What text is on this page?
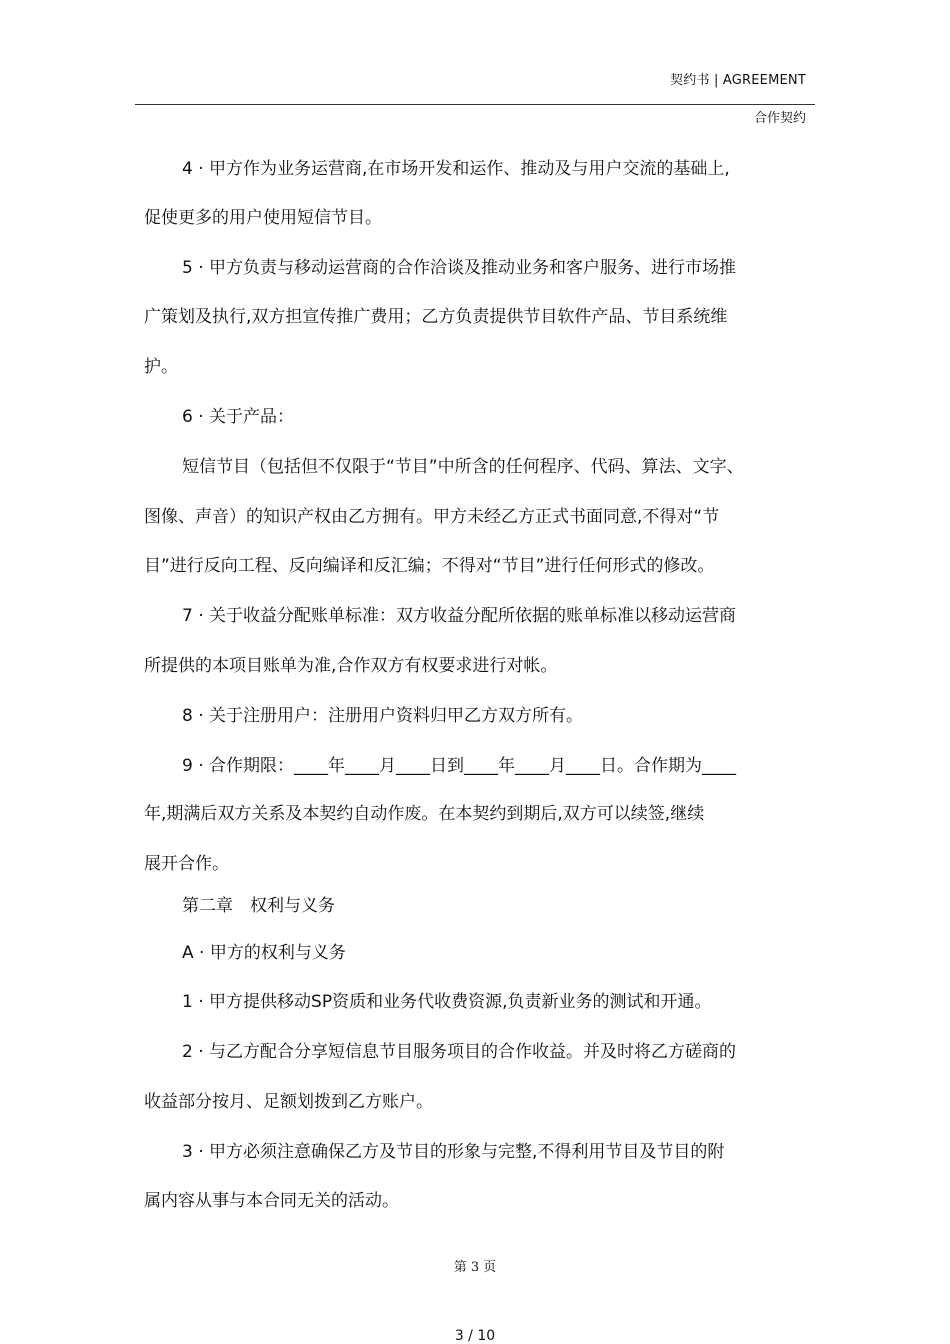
契约书 | AGREEMENT
合作契约
4 · 甲方作为业务运营商,在市场开发和运作、推动及与用户交流的基础上,
促使更多的用户使用短信节目。
5 · 甲方负责与移动运营商的合作洽谈及推动业务和客户服务、进行市场推
广策划及执行,双方担宣传推广费用；乙方负责提供节目软件产品、节目系统维
护。
6 · 关于产品：
短信节目（包括但不仅限于“节目”中所含的任何程序、代码、算法、文字、
图像、声音）的知识产权由乙方拥有。甲方未经乙方正式书面同意,不得对“节
目”进行反向工程、反向编译和反汇编；不得对“节目”进行任何形式的修改。
7 · 关于收益分配账单标准：双方收益分配所依据的账单标准以移动运营商
所提供的本项目账单为准,合作双方有权要求进行对帐。
8 · 关于注册用户：注册用户资料归甲乙方双方所有。
9 · 合作期限：____年____月____日到____年____月____日。合作期为____
年,期满后双方关系及本契约自动作废。在本契约到期后,双方可以续签,继续
展开合作。
第二章　权利与义务
A · 甲方的权利与义务
1 · 甲方提供移动SP资质和业务代收费资源,负责新业务的测试和开通。
2 · 与乙方配合分享短信息节目服务项目的合作收益。并及时将乙方磋商的
收益部分按月、足额划拨到乙方账户。
3 · 甲方必须注意确保乙方及节目的形象与完整,不得利用节目及节目的附
属内容从事与本合同无关的活动。
第 3 页
3 / 10
